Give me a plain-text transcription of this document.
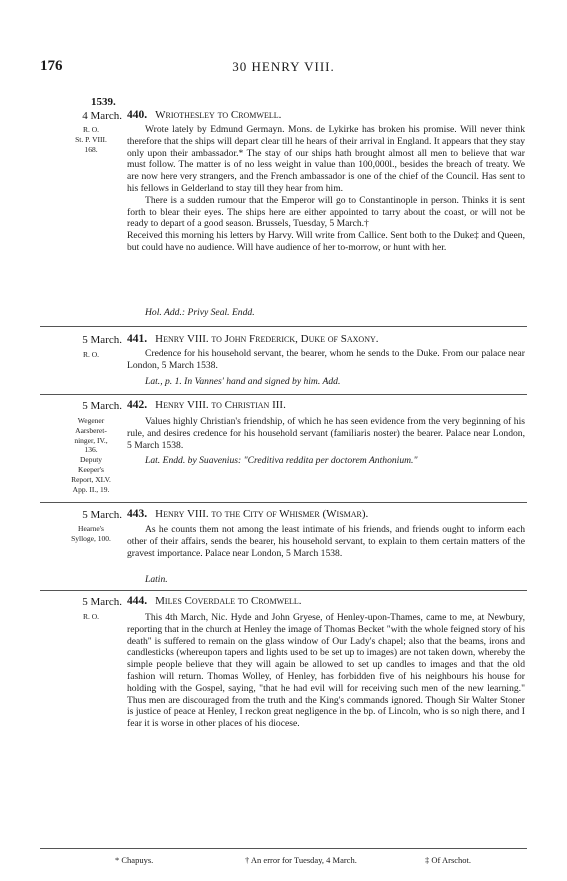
176	30 HENRY VIII.
1539.
4 March.
R. O.
St. P. VIII.
168.
440. Wriothesley to Cromwell.

Wrote lately by Edmund Germayn. Mons. de Lykirke has broken his promise. Will never think therefore that the ships will depart clear till he hears of their arrival in England. It appears that they stay only upon their ambassador.* The stay of our ships hath brought almost all men to believe that war must follow. The matter is of no less weight in value than 100,000l., besides the breach of treaty. We are now here very strangers, and the French ambassador is one of the chief of the Council. Has sent to his fellows in Gelderland to stay till they hear from him.

There is a sudden rumour that the Emperor will go to Constantinople in person. Thinks it is sent forth to blear their eyes. The ships here are either appointed to tarry about the coast, or will not be ready to depart of a good season. Brussels, Tuesday, 5 March.†

Received this morning his letters by Harvy. Will write from Callice. Sent both to the Duke‡ and Queen, but could have no audience. Will have audience of her to-morrow, or hunt with her.

Hol. Add.: Privy Seal. Endd.
5 March.
R. O.
441. Henry VIII. to John Frederick, Duke of Saxony.

Credence for his household servant, the bearer, whom he sends to the Duke. From our palace near London, 5 March 1538.

Lat., p. 1. In Vannes' hand and signed by him. Add.
5 March.
Wegener
Aarsberet-
ninger, IV.,
136.
Deputy
Keeper's
Report, XLV.
App. II., 19.
442. Henry VIII. to Christian III.

Values highly Christian's friendship, of which he has seen evidence from the very beginning of his rule, and desires credence for his household servant (familiaris noster) the bearer. Palace near London, 5 March 1538.

Lat. Endd. by Suavenius: "Creditiva reddita per doctorem Anthonium."
5 March.
Hearne's
Sylloge, 100.
443. Henry VIII. to the City of Whismer (Wismar).

As he counts them not among the least intimate of his friends, and friends ought to inform each other of their affairs, sends the bearer, his household servant, to explain to them certain matters of the gravest importance. Palace near London, 5 March 1538.

Latin.
5 March.
R. O.
444. Miles Coverdale to Cromwell.

This 4th March, Nic. Hyde and John Gryese, of Henley-upon-Thames, came to me, at Newbury, reporting that in the church at Henley the image of Thomas Becket "with the whole feigned story of his death" is suffered to remain on the glass window of Our Lady's chapel; also that the beams, irons and candlesticks (whereupon tapers and lights used to be set up to images) are not taken down, whereby the simple people believe that they will again be allowed to set up candles to images and that the old fashion will return. Thomas Wolley, of Henley, has forbidden five of his neighbours his house for holding with the Gospel, saying, "that he had evil will for receiving such men of the new learning." Thus men are discouraged from the truth and the King's commands ignored. Though Sir Walter Stoner is justice of peace at Henley, I reckon great negligence in the bp. of Lincoln, who is so nigh there, and I fear it is worse in other places of his diocese.

* Chapuys.	† An error for Tuesday, 4 March.	‡ Of Arschot.
